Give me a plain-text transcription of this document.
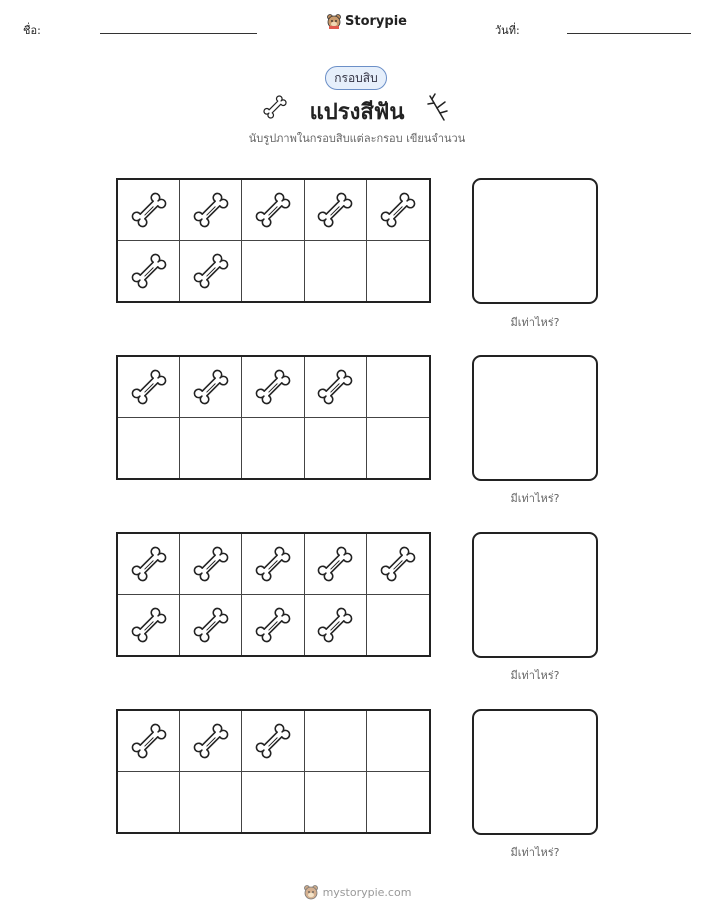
ชื่อ:
Storypie
วันที่:
กรอบสิบ
แปรงสีฟัน
นับรูปภาพในกรอบสิบแต่ละกรอบ เขียนจำนวน
มีเท่าไหร่?
มีเท่าไหร่?
มีเท่าไหร่?
มีเท่าไหร่?
mystorypie.com
